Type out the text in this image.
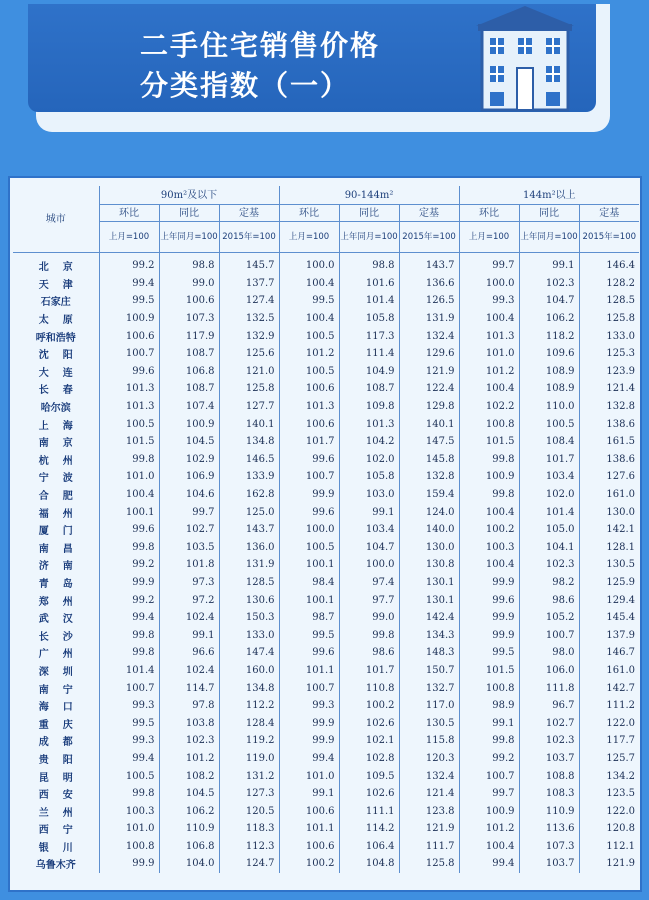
二手住宅销售价格
分类指数（一）
城市	90m²及以下			90-144m²			144m²以上		
	环比	同比	定基	环比	同比	定基	环比	同比	定基
	上月=100	上年同月=100	2015年=100	上月=100	上年同月=100	2015年=100	上月=100	上年同月=100	2015年=100
北    京	99.2	98.8	145.7	100.0	98.8	143.7	99.7	99.1	146.4
天    津	99.4	99.0	137.7	100.4	101.6	136.6	100.0	102.3	128.2
石家庄	99.5	100.6	127.4	99.5	101.4	126.5	99.3	104.7	128.5
太    原	100.9	107.3	132.5	100.4	105.8	131.9	100.4	106.2	125.8
呼和浩特	100.6	117.9	132.9	100.5	117.3	132.4	101.3	118.2	133.0
沈    阳	100.7	108.7	125.6	101.2	111.4	129.6	101.0	109.6	125.3
大    连	99.6	106.8	121.0	100.5	104.9	121.9	101.2	108.9	123.9
长    春	101.3	108.7	125.8	100.6	108.7	122.4	100.4	108.9	121.4
哈尔滨	101.3	107.4	127.7	101.3	109.8	129.8	102.2	110.0	132.8
上    海	100.5	100.9	140.1	100.6	101.3	140.1	100.8	100.5	138.6
南    京	101.5	104.5	134.8	101.7	104.2	147.5	101.5	108.4	161.5
杭    州	99.8	102.9	146.5	99.6	102.0	145.8	99.8	101.7	138.6
宁    波	101.0	106.9	133.9	100.7	105.8	132.8	100.9	103.4	127.6
合    肥	100.4	104.6	162.8	99.9	103.0	159.4	99.8	102.0	161.0
福    州	100.1	99.7	125.0	99.6	99.1	124.0	100.4	101.4	130.0
厦    门	99.6	102.7	143.7	100.0	103.4	140.0	100.2	105.0	142.1
南    昌	99.8	103.5	136.0	100.5	104.7	130.0	100.3	104.1	128.1
济    南	99.2	101.8	131.9	100.1	100.0	130.8	100.4	102.3	130.5
青    岛	99.9	97.3	128.5	98.4	97.4	130.1	99.9	98.2	125.9
郑    州	99.2	97.2	130.6	100.1	97.7	130.1	99.6	98.6	129.4
武    汉	99.4	102.4	150.3	98.7	99.0	142.4	99.9	105.2	145.4
长    沙	99.8	99.1	133.0	99.5	99.8	134.3	99.9	100.7	137.9
广    州	99.8	96.6	147.4	99.6	98.6	148.3	99.5	98.0	146.7
深    圳	101.4	102.4	160.0	101.1	101.7	150.7	101.5	106.0	161.0
南    宁	100.7	114.7	134.8	100.7	110.8	132.7	100.8	111.8	142.7
海    口	99.3	97.8	112.2	99.3	100.2	117.0	98.9	96.7	111.2
重    庆	99.5	103.8	128.4	99.9	102.6	130.5	99.1	102.7	122.0
成    都	99.3	102.3	119.2	99.9	102.1	115.8	99.8	102.3	117.7
贵    阳	99.4	101.2	119.0	99.4	102.8	120.3	99.2	103.7	125.7
昆    明	100.5	108.2	131.2	101.0	109.5	132.4	100.7	108.8	134.2
西    安	99.8	104.5	127.3	99.1	102.6	121.4	99.7	108.3	123.5
兰    州	100.3	106.2	120.5	100.6	111.1	123.8	100.9	110.9	122.0
西    宁	101.0	110.9	118.3	101.1	114.2	121.9	101.2	113.6	120.8
银    川	100.8	106.8	112.3	100.6	106.4	111.7	100.4	107.3	112.1
乌鲁木齐	99.9	104.0	124.7	100.2	104.8	125.8	99.4	103.7	121.9
